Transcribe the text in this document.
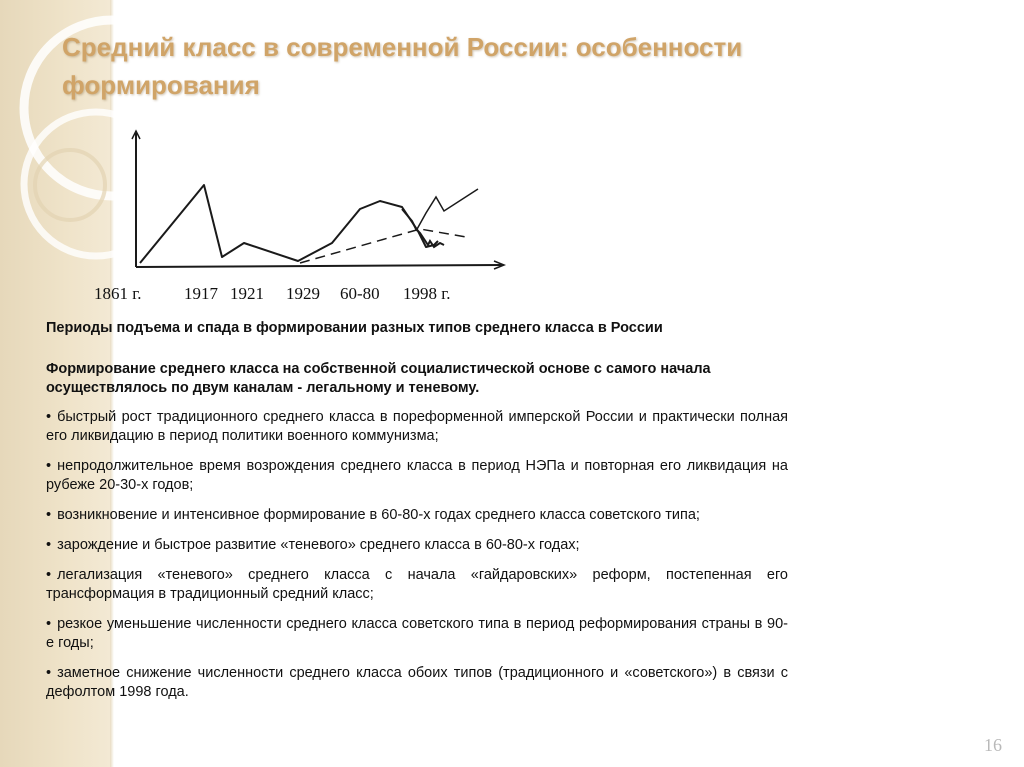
Средний класс в современной России: особенности формирования
1861 г. 1917 1921 1929 60-80 1998 г.
Периоды подъема и спада в формировании разных типов среднего класса в России
Формирование среднего класса на собственной социалистической основе с самого начала осуществлялось по двум каналам - легальному и теневому.
• быстрый рост традиционного среднего класса в пореформенной имперской России и практически полная его ликвидацию в период политики военного коммунизма;
• непродолжительное время возрождения среднего класса в период НЭПа и повторная его ликвидация на рубеже 20-30-х годов;
• возникновение и интенсивное формирование в 60-80-х годах среднего класса советского типа;
• зарождение и быстрое развитие «теневого» среднего класса в 60-80-х годах;
• легализация «теневого» среднего класса с начала «гайдаровских» реформ, постепенная его трансформация в традиционный средний класс;
• резкое уменьшение численности среднего класса советского типа в период реформирования страны в 90-е годы;
• заметное снижение численности среднего класса обоих типов (традиционного и «советского») в связи с дефолтом 1998 года.
16
